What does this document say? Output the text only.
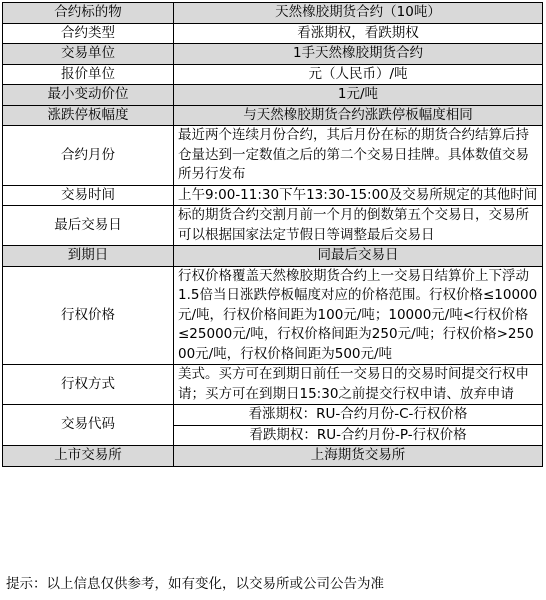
合约标的物	天然橡胶期货合约（10吨）
合约类型	看涨期权，看跌期权
交易单位	1手天然橡胶期货合约
报价单位	元（人民币）/吨
最小变动价位	1元/吨
涨跌停板幅度	与天然橡胶期货合约涨跌停板幅度相同
合约月份	最近两个连续月份合约，其后月份在标的期货合约结算后持仓量达到一定数值之后的第二个交易日挂牌。具体数值交易所另行发布
交易时间	上午9:00-11:30下午13:30-15:00及交易所规定的其他时间
最后交易日	标的期货合约交割月前一个月的倒数第五个交易日，交易所可以根据国家法定节假日等调整最后交易日
到期日	同最后交易日
行权价格	行权价格覆盖天然橡胶期货合约上一交易日结算价上下浮动1.5倍当日涨跌停板幅度对应的价格范围。行权价格≤10000元/吨，行权价格间距为100元/吨；10000元/吨<行权价格≤25000元/吨，行权价格间距为250元/吨；行权价格>25000元/吨，行权价格间距为500元/吨
行权方式	美式。买方可在到期日前任一交易日的交易时间提交行权申请；买方可在到期日15:30之前提交行权申请、放弃申请
交易代码	看涨期权：RU-合约月份-C-行权价格
	看跌期权：RU-合约月份-P-行权价格
上市交易所	上海期货交易所
提示：以上信息仅供参考，如有变化，以交易所或公司公告为准
